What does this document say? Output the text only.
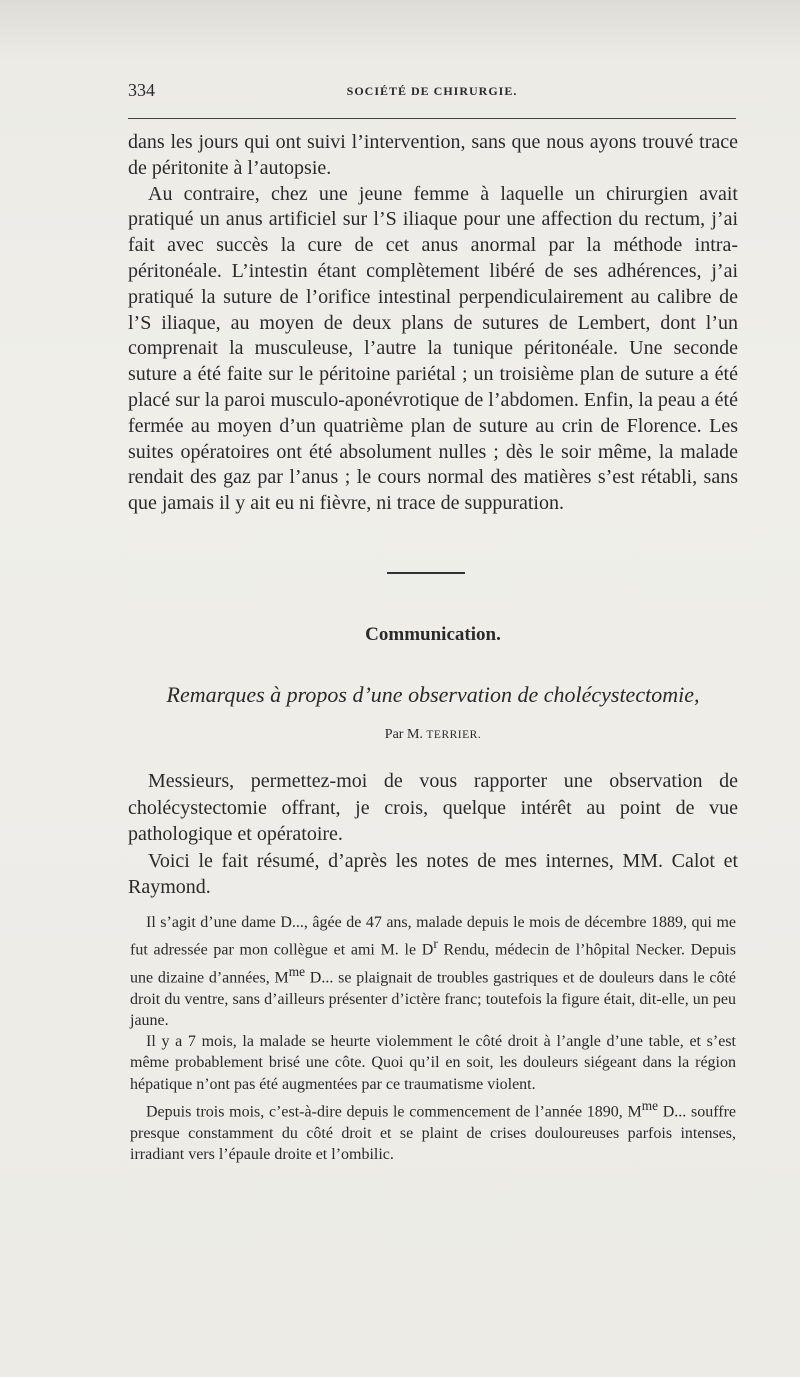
334	SOCIÉTÉ DE CHIRURGIE.

dans les jours qui ont suivi l’intervention, sans que nous ayons trouvé trace de péritonite à l’autopsie.

Au contraire, chez une jeune femme à laquelle un chirurgien avait pratiqué un anus artificiel sur l’S iliaque pour une affection du rectum, j’ai fait avec succès la cure de cet anus anormal par la méthode intra-péritonéale. L’intestin étant complètement libéré de ses adhérences, j’ai pratiqué la suture de l’orifice intestinal perpendiculairement au calibre de l’S iliaque, au moyen de deux plans de sutures de Lembert, dont l’un comprenait la musculeuse, l’autre la tunique péritonéale. Une seconde suture a été faite sur le péritoine pariétal ; un troisième plan de suture a été placé sur la paroi musculo-aponévrotique de l’abdomen. Enfin, la peau a été fermée au moyen d’un quatrième plan de suture au crin de Florence. Les suites opératoires ont été absolument nulles ; dès le soir même, la malade rendait des gaz par l’anus ; le cours normal des matières s’est rétabli, sans que jamais il y ait eu ni fièvre, ni trace de suppuration.

Communication.
Remarques à propos d’une observation de cholécystectomie,
Par M. TERRIER.

Messieurs, permettez-moi de vous rapporter une observation de cholécystectomie offrant, je crois, quelque intérêt au point de vue pathologique et opératoire.

Voici le fait résumé, d’après les notes de mes internes, MM. Calot et Raymond.

Il s’agit d’une dame D..., âgée de 47 ans, malade depuis le mois de décembre 1889, qui me fut adressée par mon collègue et ami M. le $D^r$ Rendu, médecin de l’hôpital Necker. Depuis une dizaine d’années, $M^{me}$ D... se plaignait de troubles gastriques et de douleurs dans le côté droit du ventre, sans d’ailleurs présenter d’ictère franc; toutefois la figure était, dit-elle, un peu jaune.

Il y a 7 mois, la malade se heurte violemment le côté droit à l’angle d’une table, et s’est même probablement brisé une côte. Quoi qu’il en soit, les douleurs siégeant dans la région hépatique n’ont pas été augmentées par ce traumatisme violent.

Depuis trois mois, c’est-à-dire depuis le commencement de l’année 1890, $M^{me}$ D... souffre presque constamment du côté droit et se plaint de crises douloureuses parfois intenses, irradiant vers l’épaule droite et l’ombilic.
